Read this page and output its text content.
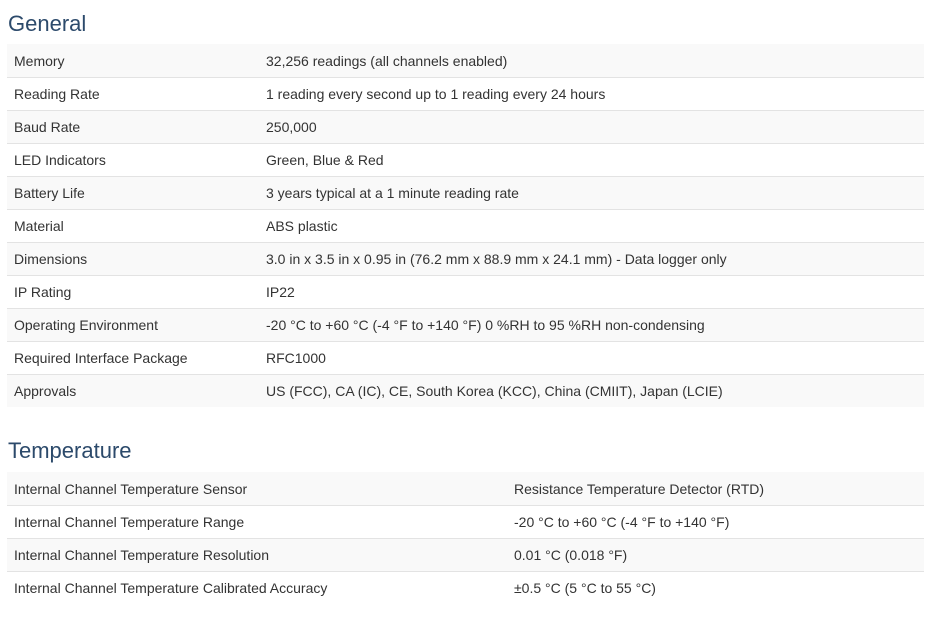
General
Memory	32,256 readings (all channels enabled)
Reading Rate	1 reading every second up to 1 reading every 24 hours
Baud Rate	250,000
LED Indicators	Green, Blue & Red
Battery Life	3 years typical at a 1 minute reading rate
Material	ABS plastic
Dimensions	3.0 in x 3.5 in x 0.95 in (76.2 mm x 88.9 mm x 24.1 mm) - Data logger only
IP Rating	IP22
Operating Environment	-20 °C to +60 °C (-4 °F to +140 °F) 0 %RH to 95 %RH non-condensing
Required Interface Package	RFC1000
Approvals	US (FCC), CA (IC), CE, South Korea (KCC), China (CMIIT), Japan (LCIE)
Temperature
Internal Channel Temperature Sensor	Resistance Temperature Detector (RTD)
Internal Channel Temperature Range	-20 °C to +60 °C (-4 °F to +140 °F)
Internal Channel Temperature Resolution	0.01 °C (0.018 °F)
Internal Channel Temperature Calibrated Accuracy	±0.5 °C (5 °C to 55 °C)
